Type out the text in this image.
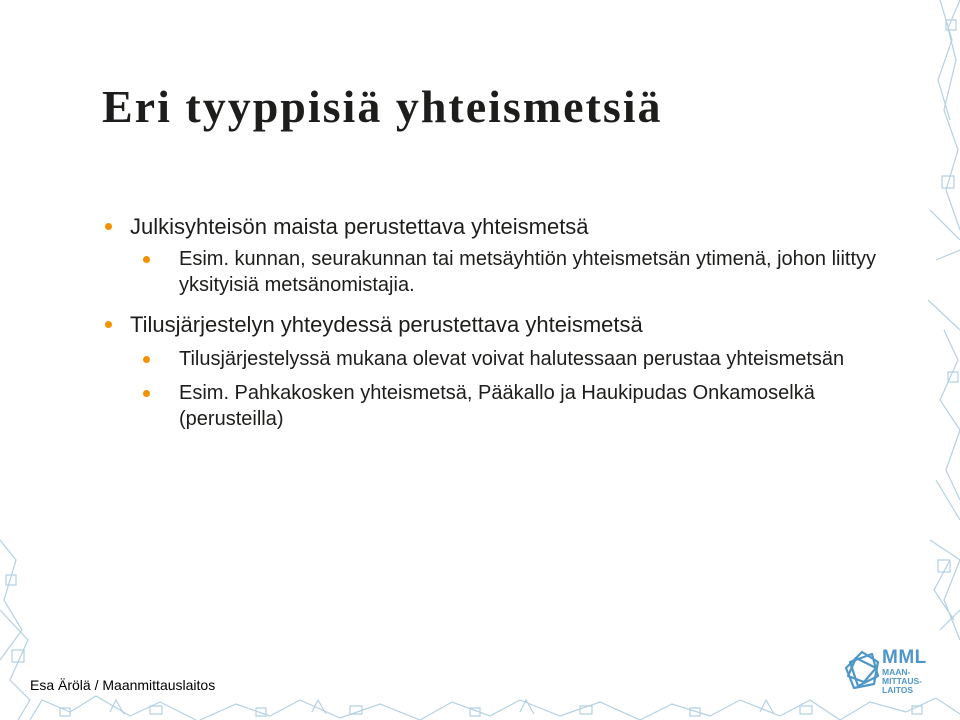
Eri tyyppisiä yhteismetsiä

Julkisyhteisön maista perustettava yhteismetsä

Esim. kunnan, seurakunnan tai metsäyhtiön yhteismetsän ytimenä, johon liittyy yksityisiä metsänomistajia.

Tilusjärjestelyn yhteydessä perustettava yhteismetsä

Tilusjärjestelyssä mukana olevat voivat halutessaan perustaa yhteismetsän

Esim. Pahkakosken yhteismetsä, Pääkallo ja Haukipudas Onkamoselkä (perusteilla)

Esa Ärölä / Maanmittauslaitos
MML
MAAN-
MITTAUS-
LAITOS
